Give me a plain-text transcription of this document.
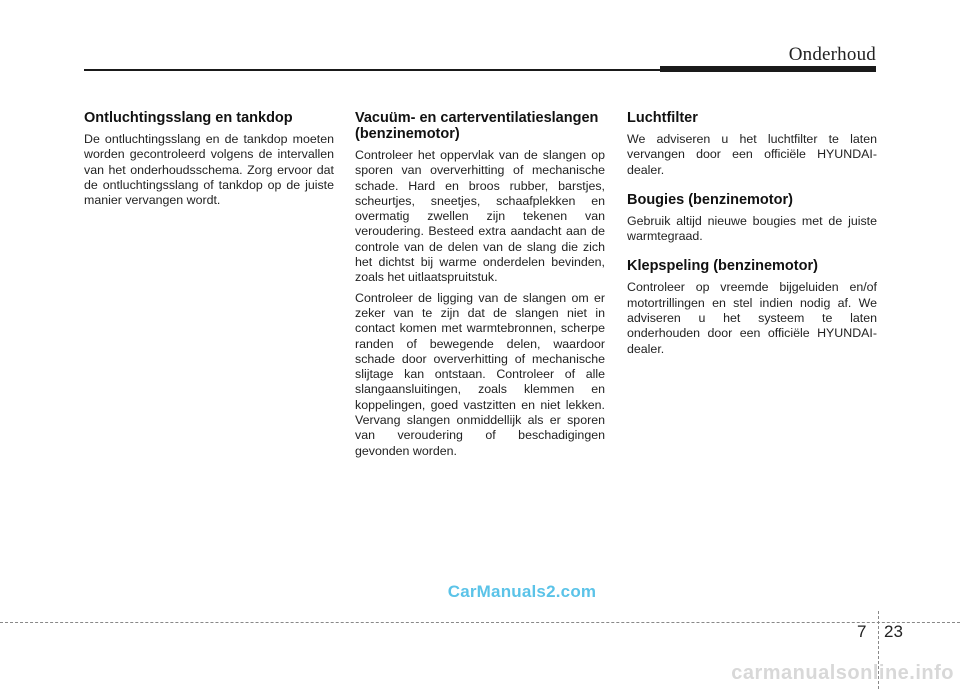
Onderhoud
Ontluchtingsslang en tankdop

De ontluchtingsslang en de tankdop moeten worden gecontroleerd volgens de intervallen van het onderhoudsschema. Zorg ervoor dat de ontluchtingsslang of tankdop op de juiste manier vervangen wordt.

Vacuüm- en carterventilatieslangen (benzinemotor)

Controleer het oppervlak van de slangen op sporen van oververhitting of mechanische schade. Hard en broos rubber, barstjes, scheurtjes, sneetjes, schaafplekken en overmatig zwellen zijn tekenen van veroudering. Besteed extra aandacht aan de controle van de delen van de slang die zich het dichtst bij warme onderdelen bevinden, zoals het uitlaatspruitstuk.

Controleer de ligging van de slangen om er zeker van te zijn dat de slangen niet in contact komen met warmtebronnen, scherpe randen of bewegende delen, waardoor schade door oververhitting of mechanische slijtage kan ontstaan. Controleer of alle slangaansluitingen, zoals klemmen en koppelingen, goed vastzitten en niet lekken. Vervang slangen onmiddellijk als er sporen van veroudering of beschadigingen gevonden worden.

Luchtfilter

We adviseren u het luchtfilter te laten vervangen door een officiële HYUNDAI-dealer.

Bougies (benzinemotor)

Gebruik altijd nieuwe bougies met de juiste warmtegraad.

Klepspeling (benzinemotor)

Controleer op vreemde bijgeluiden en/of motortrillingen en stel indien nodig af. We adviseren u het systeem te laten onderhouden door een officiële HYUNDAI-dealer.

CarManuals2.com
7 23
carmanualsonline.info
